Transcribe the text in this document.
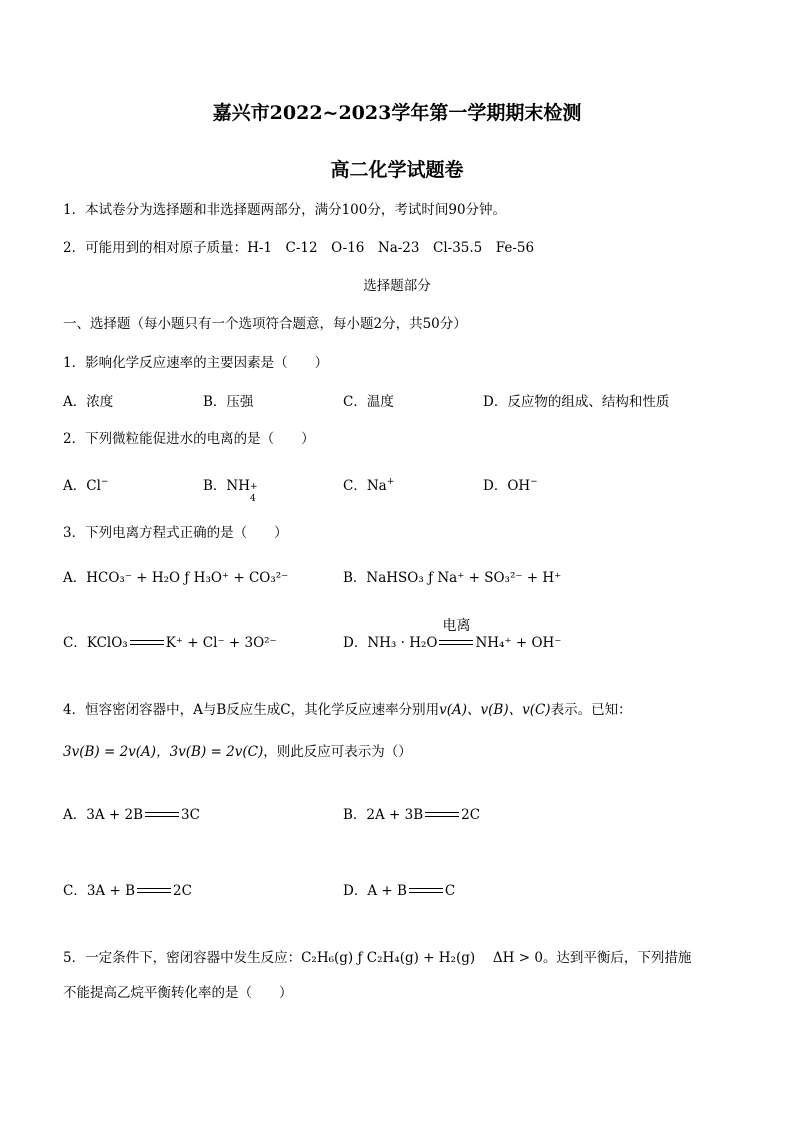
嘉兴市2022~2023学年第一学期期末检测
高二化学试题卷
1．本试卷分为选择题和非选择题两部分，满分100分，考试时间90分钟。
2．可能用到的相对原子质量：H-1　C-12　O-16　Na-23　Cl-35.5　Fe-56
选择题部分
一、选择题（每小题只有一个选项符合题意，每小题2分，共50分）
1．影响化学反应速率的主要因素是（　　）
A．浓度	B．压强	C．温度	D．反应物的组成、结构和性质
2．下列微粒能促进水的电离的是（　　）
A．Cl−	B．NH +
4
C．Na+	D．OH−
3．下列电离方程式正确的是（　　）
A．HCO₃⁻ + H₂O ƒ H₃O⁺ + CO₃²⁻	B．NaHSO₃ ƒ Na⁺ + SO₃²⁻ + H⁺
C．KClO₃	K⁺ + Cl⁻ + 3O²⁻	D．NH₃ · H₂O
电离
NH₄⁺ + OH⁻
4．恒容密闭容器中，A与B反应生成C，其化学反应速率分别用v(A)、v(B)、v(C)表示。已知：
3v(B) = 2v(A)，3v(B) = 2v(C)，则此反应可表示为（）
A．3A + 2B	3C	B．2A + 3B	2C
C．3A + B	2C	D．A + B	C
5．一定条件下，密闭容器中发生反应：C₂H₆(g) ƒ C₂H₄(g) + H₂(g)　 ΔH > 0。达到平衡后，下列措施
不能提高乙烷平衡转化率的是（　　）
